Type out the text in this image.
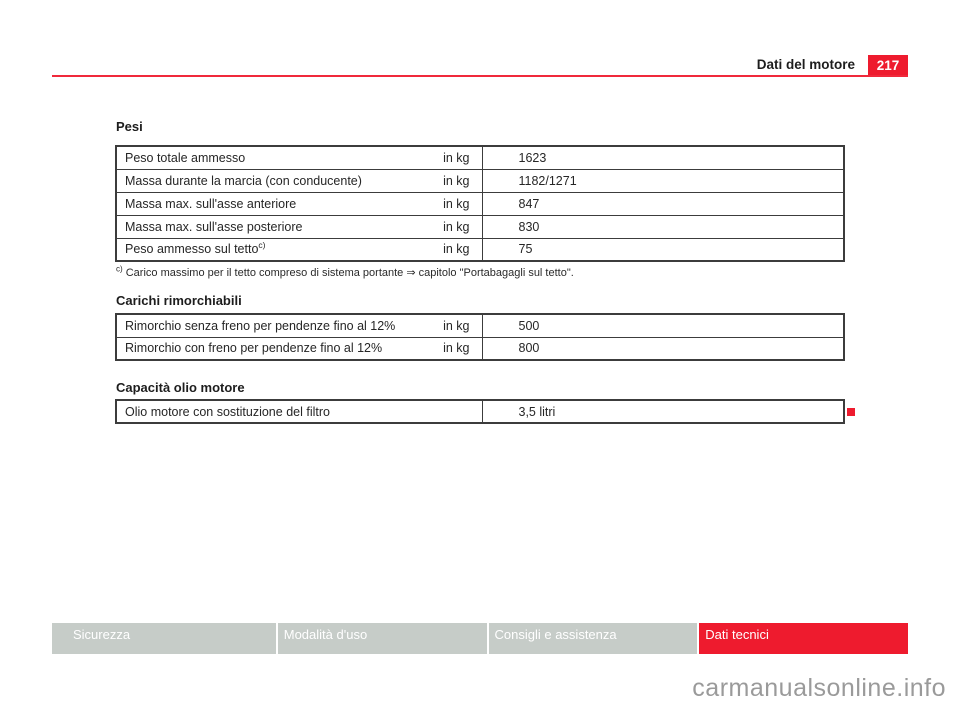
Dati del motore	217
Pesi
Peso totale ammesso in kg	1623

Massa durante la marcia (con conducente) in kg	1182/1271

Massa max. sull'asse anteriore in kg	847

Massa max. sull'asse posteriore in kg	830

Peso ammesso sul tetto$^{c)}$ in kg	75
$^{c)}$ Carico massimo per il tetto compreso di sistema portante ⇒ capitolo "Portabagagli sul tetto".
Carichi rimorchiabili
Rimorchio senza freno per pendenze fino al 12% in kg	500

Rimorchio con freno per pendenze fino al 12% in kg	800
Capacità olio motore
Olio motore con sostituzione del filtro	3,5 litri
Sicurezza	Modalità d'uso	Consigli e assistenza	Dati tecnici
carmanualsonline.info
